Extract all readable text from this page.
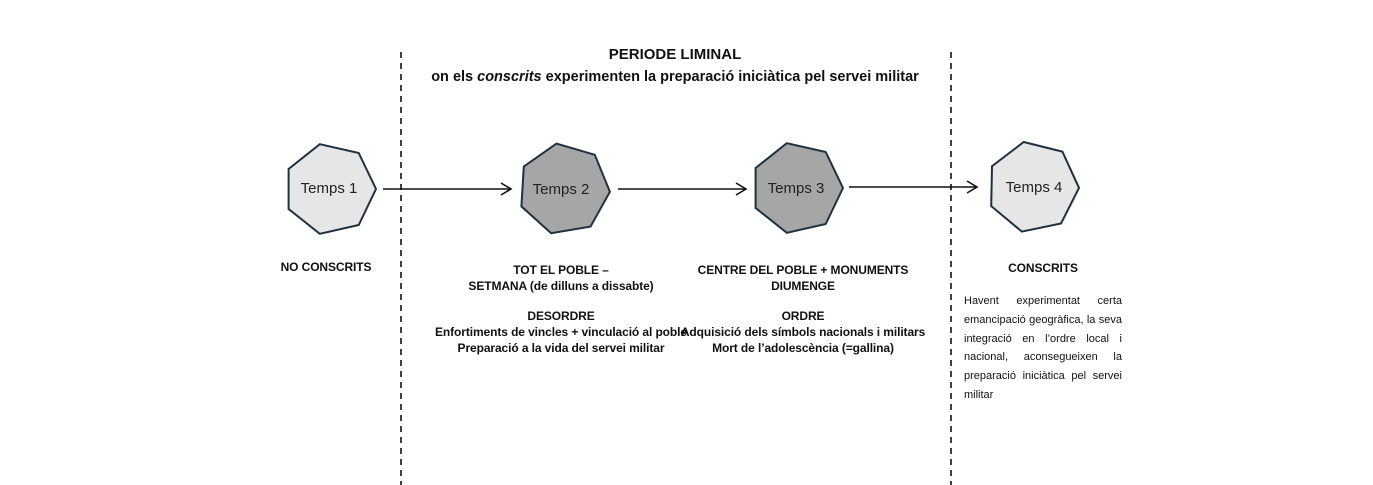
PERIODE LIMINAL
on els conscrits experimenten la preparació iniciàtica pel servei militar
Temps 1	Temps 2	Temps 3	Temps 4
NO CONSCRITS	TOT EL POBLE –
SETMANA (de dilluns a dissabte)
DESORDRE
Enfortiments de vincles + vinculació al poble
Preparació a la vida del servei militar
CENTRE DEL POBLE + MONUMENTS
DIUMENGE
ORDRE
Adquisició dels símbols nacionals i militars
Mort de l’adolescència (=gallina)
CONSCRITS
Havent experimentat certa emancipació geogràfica, la seva integració en l’ordre local i nacional, aconsegueixen la preparació iniciàtica pel servei militar
